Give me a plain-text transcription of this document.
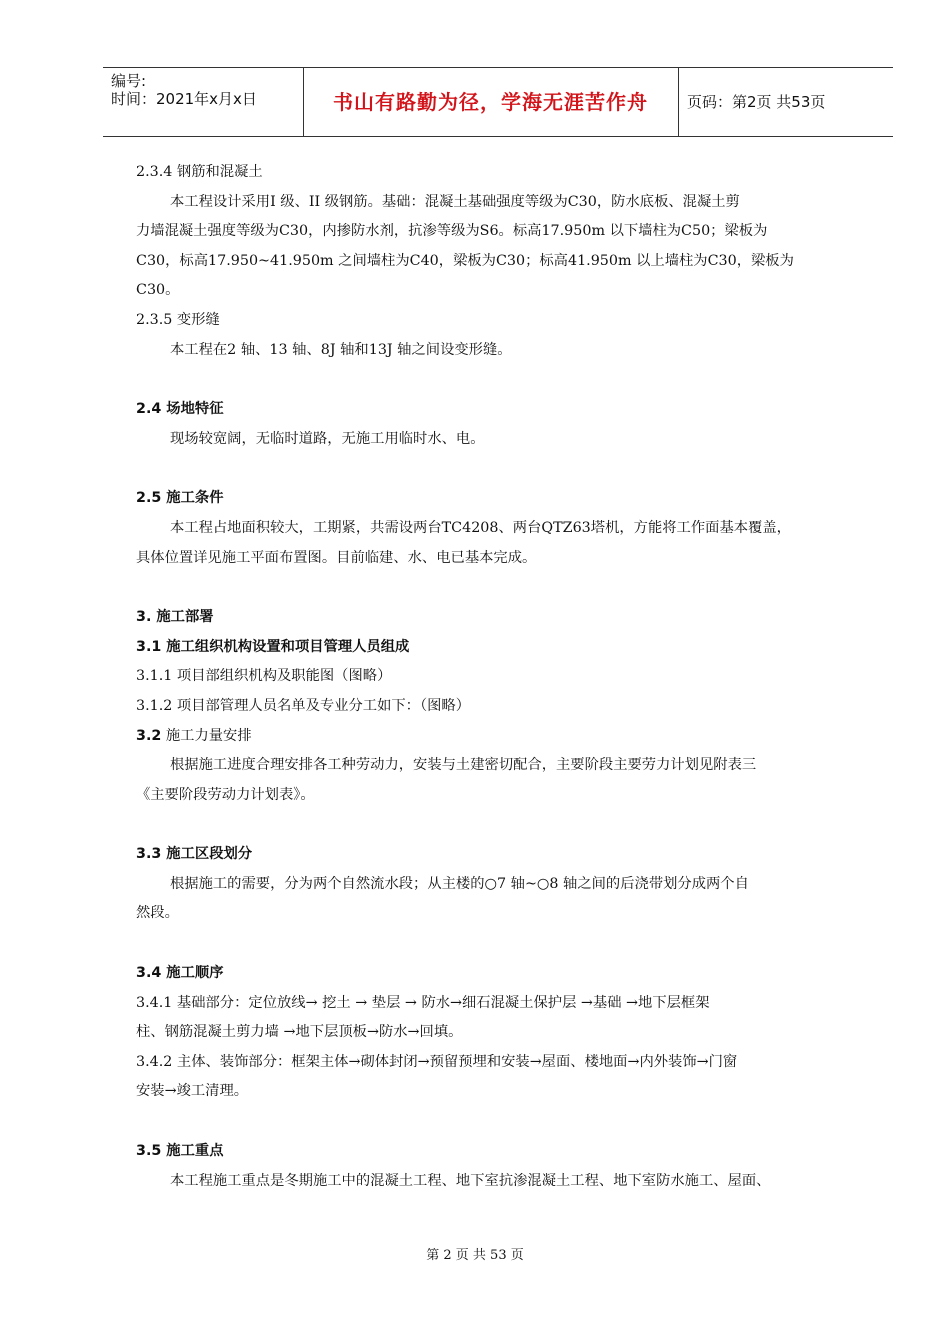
编号:
时间：2021年x月x日	书山有路勤为径，学海无涯苦作舟	页码：第2页 共53页

2.3.4 钢筋和混凝土

本工程设计采用Ⅰ 级、II 级钢筋。基础：混凝土基础强度等级为C30，防水底板、混凝土剪

力墙混凝土强度等级为C30，内掺防水剂，抗渗等级为S6。标高17.950m 以下墙柱为C50；梁板为

C30，标高17.950~41.950m 之间墙柱为C40，梁板为C30；标高41.950m 以上墙柱为C30，梁板为

C30。

2.3.5 变形缝

本工程在2 轴、13 轴、8J 轴和13J 轴之间设变形缝。

2.4 场地特征

现场较宽阔，无临时道路，无施工用临时水、电。

2.5 施工条件

本工程占地面积较大，工期紧，共需设两台TC4208、两台QTZ63塔机，方能将工作面基本覆盖，

具体位置详见施工平面布置图。目前临建、水、电已基本完成。

3. 施工部署

3.1 施工组织机构设置和项目管理人员组成

3.1.1 项目部组织机构及职能图（图略）

3.1.2 项目部管理人员名单及专业分工如下：（图略）

3.2 施工力量安排

根据施工进度合理安排各工种劳动力，安装与土建密切配合，主要阶段主要劳力计划见附表三

《主要阶段劳动力计划表》。

3.3 施工区段划分

根据施工的需要，分为两个自然流水段；从主楼的○7 轴~○8 轴之间的后浇带划分成两个自

然段。

3.4 施工顺序

3.4.1 基础部分：定位放线→ 挖土 → 垫层 → 防水→细石混凝土保护层 →基础 →地下层框架

柱、钢筋混凝土剪力墙 →地下层顶板→防水→回填。

3.4.2 主体、装饰部分：框架主体→砌体封闭→预留预埋和安装→屋面、楼地面→内外装饰→门窗

安装→竣工清理。

3.5 施工重点

本工程施工重点是冬期施工中的混凝土工程、地下室抗渗混凝土工程、地下室防水施工、屋面、

第 2 页 共 53 页
